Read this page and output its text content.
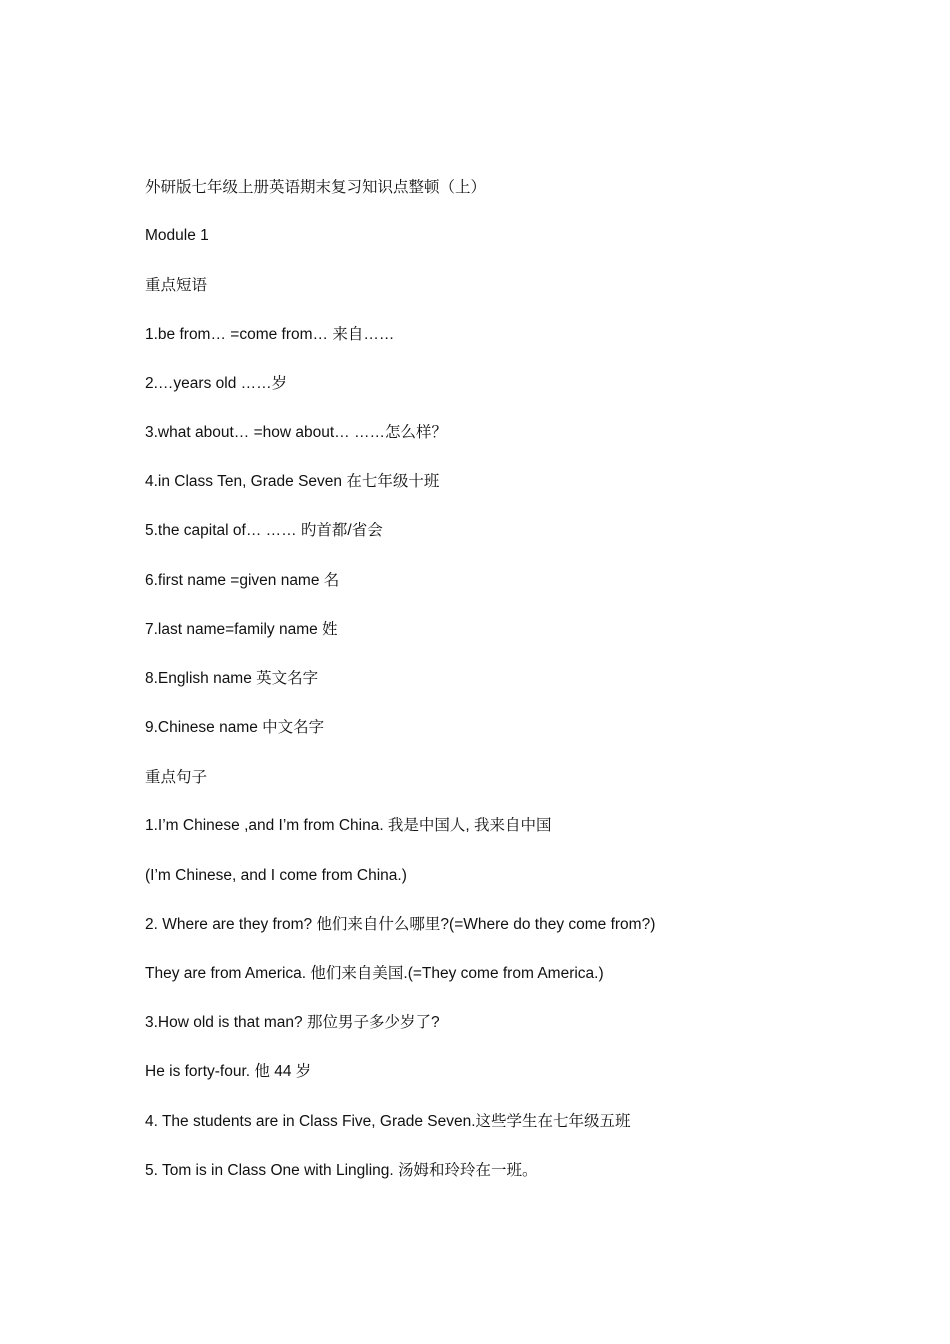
外研版七年级上册英语期末复习知识点整顿（上）
Module 1
重点短语
1.be from… =come from… 来自……
2.…years old ……岁
3.what about… =how about… ……怎么样？
4.in Class Ten, Grade Seven 在七年级十班
5.the capital of… …… 旳首都/省会
6.first name =given name 名
7.last name=family name 姓
8.English name 英文名字
9.Chinese name 中文名字
重点句子
1.I’m Chinese ,and I’m from China. 我是中国人, 我来自中国
(I’m Chinese, and I come from China.)
2. Where are they from? 他们来自什么哪里?(=Where do they come from?)
They are from America. 他们来自美国.(=They come from America.)
3.How old is that man? 那位男子多少岁了?
He is forty-four. 他 44 岁
4. The students are in Class Five, Grade Seven.这些学生在七年级五班
5. Tom is in Class One with Lingling. 汤姆和玲玲在一班。
